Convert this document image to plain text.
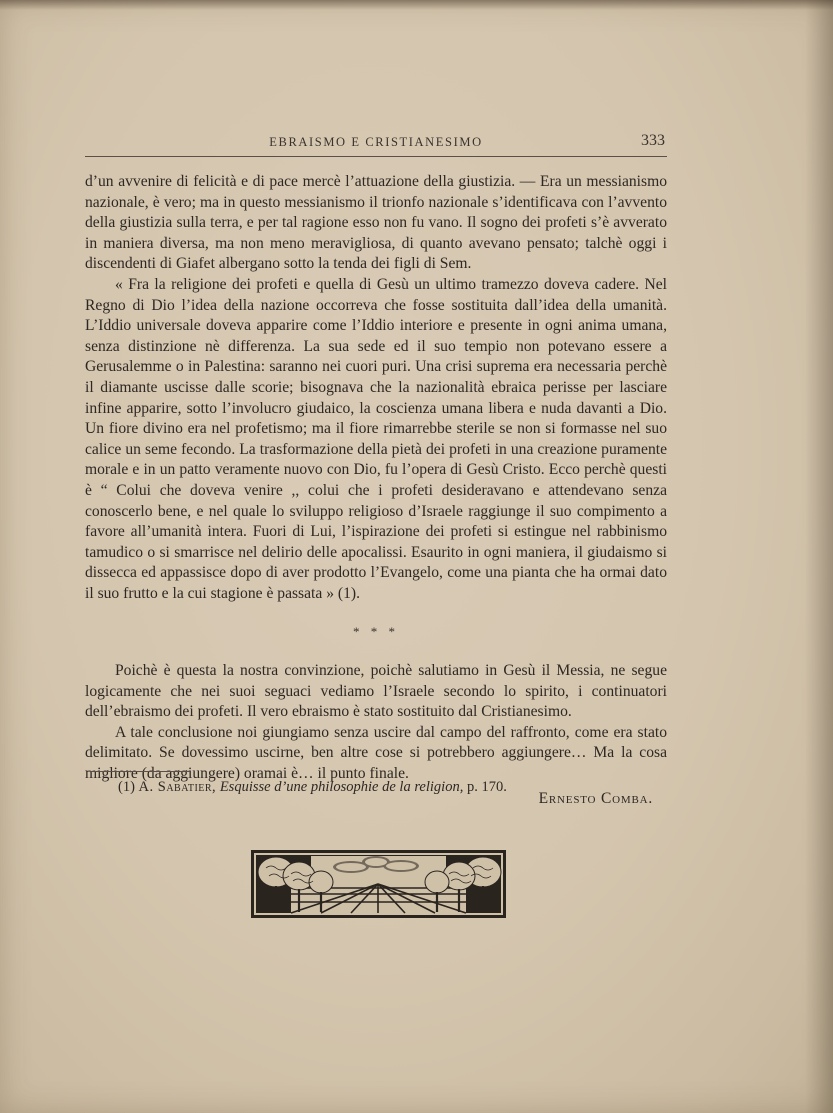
EBRAISMO E CRISTIANESIMO	333

d’un avvenire di felicità e di pace mercè l’attuazione della giustizia. — Era un messianismo nazionale, è vero; ma in questo messianismo il trionfo nazionale s’identificava con l’avvento della giustizia sulla terra, e per tal ragione esso non fu vano. Il sogno dei profeti s’è avverato in maniera diversa, ma non meno meravigliosa, di quanto avevano pensato; talchè oggi i discendenti di Giafet albergano sotto la tenda dei figli di Sem.

« Fra la religione dei profeti e quella di Gesù un ultimo tramezzo doveva cadere. Nel Regno di Dio l’idea della nazione occorreva che fosse sostituita dall’idea della umanità. L’Iddio universale doveva apparire come l’Iddio interiore e presente in ogni anima umana, senza distinzione nè differenza. La sua sede ed il suo tempio non potevano essere a Gerusalemme o in Palestina: saranno nei cuori puri. Una crisi suprema era necessaria perchè il diamante uscisse dalle scorie; bisognava che la nazionalità ebraica perisse per lasciare infine apparire, sotto l’involucro giudaico, la coscienza umana libera e nuda davanti a Dio. Un fiore divino era nel profetismo; ma il fiore rimarrebbe sterile se non si formasse nel suo calice un seme fecondo. La trasformazione della pietà dei profeti in una creazione puramente morale e in un patto veramente nuovo con Dio, fu l’opera di Gesù Cristo. Ecco perchè questi è “ Colui che doveva venire ,, colui che i profeti desideravano e attendevano senza conoscerlo bene, e nel quale lo sviluppo religioso d’Israele raggiunge il suo compimento a favore all’umanità intera. Fuori di Lui, l’ispirazione dei profeti si estingue nel rabbinismo tamudico o si smarrisce nel delirio delle apocalissi. Esaurito in ogni maniera, il giudaismo si dissecca ed appassisce dopo di aver prodotto l’Evangelo, come una pianta che ha ormai dato il suo frutto e la cui stagione è passata » (1).

* * *

Poichè è questa la nostra convinzione, poichè salutiamo in Gesù il Messia, ne segue logicamente che nei suoi seguaci vediamo l’Israele secondo lo spirito, i continuatori dell’ebraismo dei profeti. Il vero ebraismo è stato sostituito dal Cristianesimo.

A tale conclusione noi giungiamo senza uscire dal campo del raffronto, come era stato delimitato. Se dovessimo uscirne, ben altre cose si potrebbero aggiungere… Ma la cosa migliore (da aggiungere) oramai è… il punto finale.

Ernesto Comba.
(1) A. Sabatier, Esquisse d’une philosophie de la religion, p. 170.
